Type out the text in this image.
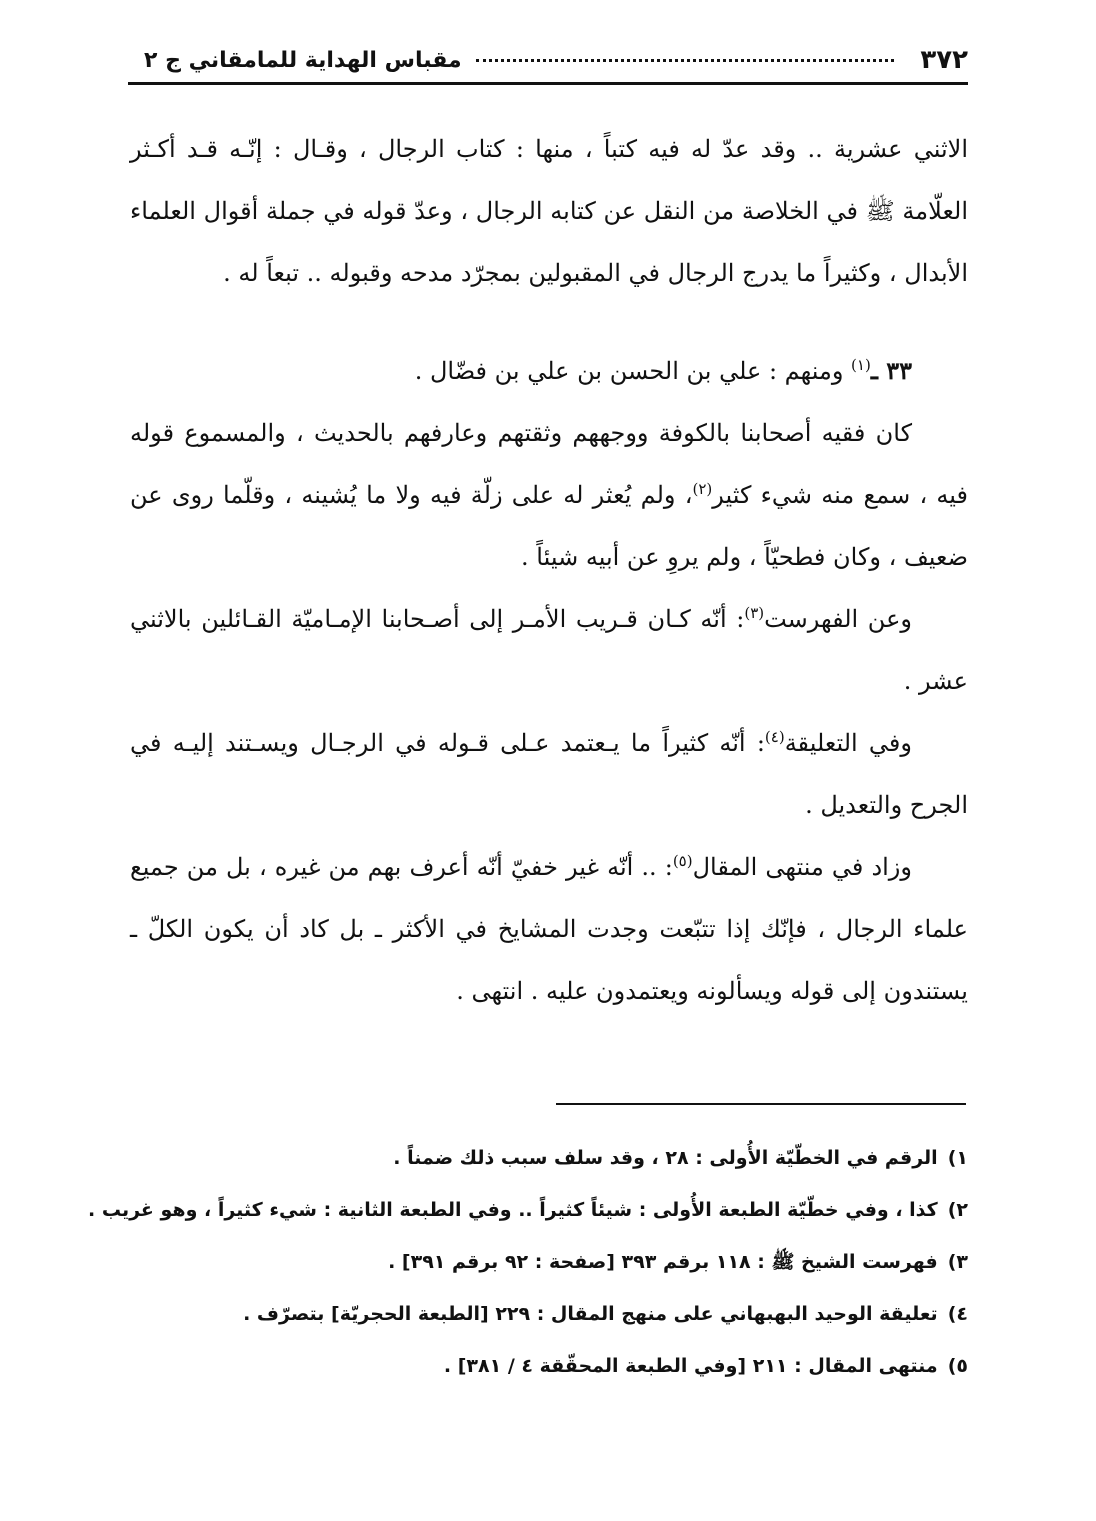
٣٧٢
مقباس الهداية للمامقاني ج ٢

الاثني عشرية .. وقد عدّ له فيه كتباً ، منها : كتاب الرجال ، وقـال : إنّـه قـد أكـثر العلّامة ﷺ في الخلاصة من النقل عن كتابه الرجال ، وعدّ قوله في جملة أقوال العلماء الأبدال ، وكثيراً ما يدرج الرجال في المقبولين بمجرّد مدحه وقبوله .. تبعاً له .

٣٣ ـ$^{(١)}$ ومنهم : علي بن الحسن بن علي بن فضّال .

كان فقيه أصحابنا بالكوفة ووجههم وثقتهم وعارفهم بالحديث ، والمسموع قوله فيه ، سمع منه شيء كثير$^{(٢)}$، ولم يُعثر له على زلّة فيه ولا ما يُشينه ، وقلّما روى عن ضعيف ، وكان فطحيّاً ، ولم يروِ عن أبيه شيئاً .

وعن الفهرست$^{(٣)}$: أنّه كـان قـريب الأمـر إلى أصـحابنا الإمـاميّة القـائلين بالاثني عشر .

وفي التعليقة$^{(٤)}$: أنّه كثيراً ما يـعتمد عـلى قـوله في الرجـال ويسـتند إليـه في الجرح والتعديل .

وزاد في منتهى المقال$^{(٥)}$: .. أنّه غير خفيّ أنّه أعرف بهم من غيره ، بل من جميع علماء الرجال ، فإنّك إذا تتبّعت وجدت المشايخ في الأكثر ـ بل كاد أن يكون الكلّ ـ يستندون إلى قوله ويسألونه ويعتمدون عليه . انتهى .

١)الرقم في الخطّيّة الأُولى : ٢٨ ، وقد سلف سبب ذلك ضمناً .
٢)كذا ، وفي خطّيّة الطبعة الأُولى : شيئاً كثيراً .. وفي الطبعة الثانية : شيء كثيراً ، وهو غريب .
٣)فهرست الشيخ ﷺ : ١١٨ برقم ٣٩٣ [صفحة : ٩٢ برقم ٣٩١] .
٤)تعليقة الوحيد البهبهاني على منهج المقال : ٢٢٩ [الطبعة الحجريّة] بتصرّف .
٥)منتهى المقال : ٢١١ [وفي الطبعة المحقّقة ٤ / ٣٨١] .
